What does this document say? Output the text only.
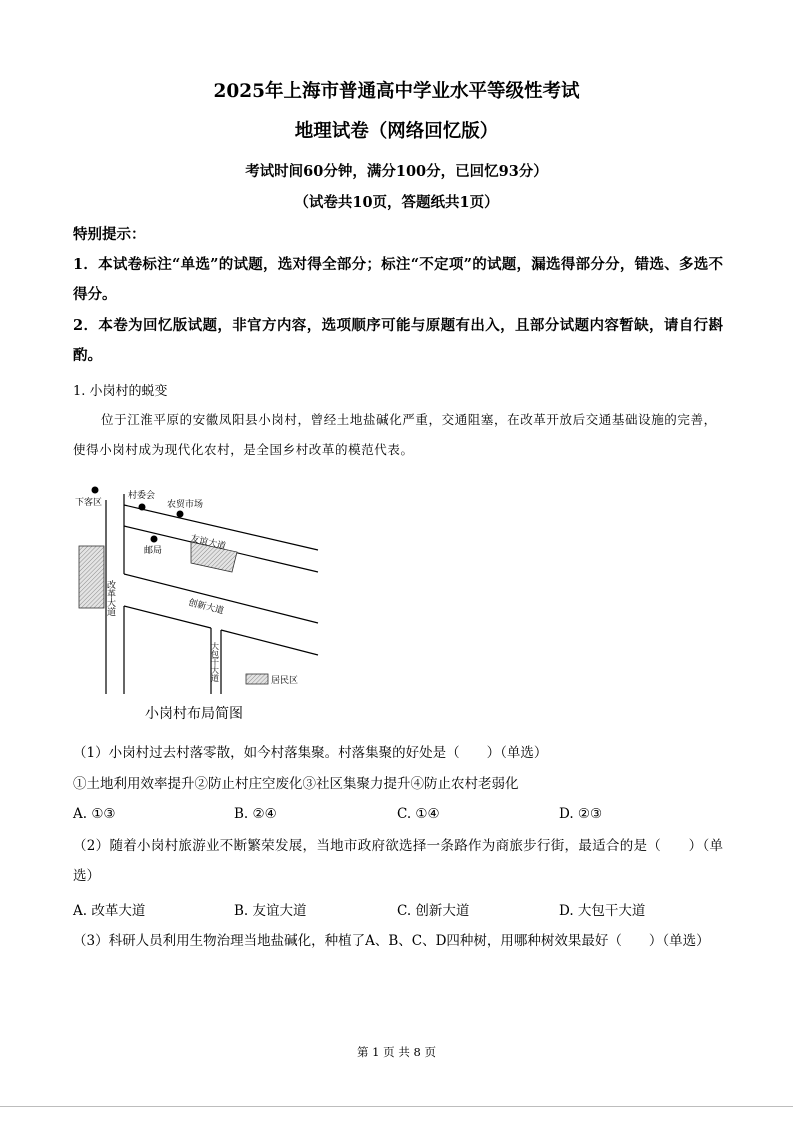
2025年上海市普通高中学业水平等级性考试
地理试卷（网络回忆版）
考试时间60分钟，满分100分，已回忆93分）
（试卷共10页，答题纸共1页）
特别提示：
1．本试卷标注“单选”的试题，选对得全部分；标注“不定项”的试题，漏选得部分分，错选、多选不得分。
2．本卷为回忆版试题，非官方内容，选项顺序可能与原题有出入，且部分试题内容暂缺，请自行斟酌。
1. 小岗村的蜕变
位于江淮平原的安徽凤阳县小岗村，曾经土地盐碱化严重，交通阻塞，在改革开放后交通基础设施的完善，使得小岗村成为现代化农村，是全国乡村改革的模范代表。
下客区
村委会
农贸市场
友谊大道
邮局
创新大道
改革大道
大包干大道	居民区
小岗村布局简图
（1）小岗村过去村落零散，如今村落集聚。村落集聚的好处是（　　）（单选）
①土地利用效率提升②防止村庄空废化③社区集聚力提升④防止农村老弱化
A. ①③	B. ②④	C. ①④	D. ②③
（2）随着小岗村旅游业不断繁荣发展，当地市政府欲选择一条路作为商旅步行街，最适合的是（　　）（单选）
A. 改革大道	B. 友谊大道	C. 创新大道	D. 大包干大道
（3）科研人员利用生物治理当地盐碱化，种植了A、B、C、D四种树，用哪种树效果最好（　　）（单选）
第 1 页 共 8 页
